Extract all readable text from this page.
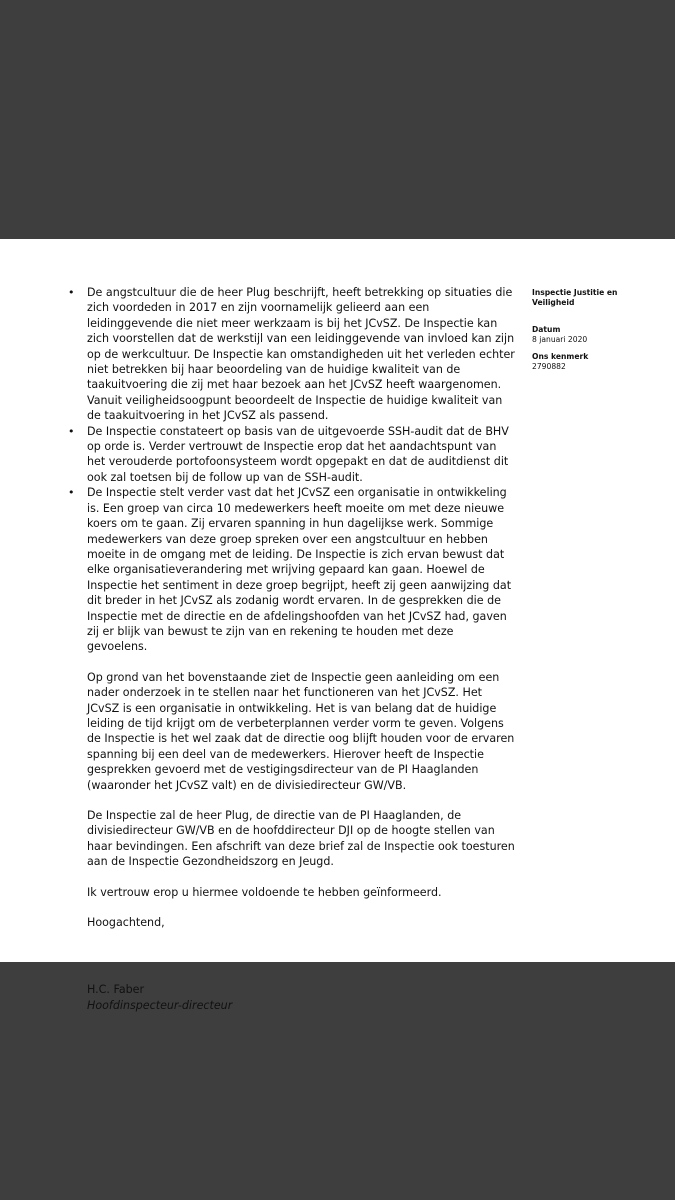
• De angstcultuur die de heer Plug beschrijft, heeft betrekking op situaties die zich voordeden in 2017 en zijn voornamelijk gelieerd aan een leidinggevende die niet meer werkzaam is bij het JCvSZ. De Inspectie kan zich voorstellen dat de werkstijl van een leidinggevende van invloed kan zijn op de werkcultuur. De Inspectie kan omstandigheden uit het verleden echter niet betrekken bij haar beoordeling van de huidige kwaliteit van de taakuitvoering die zij met haar bezoek aan het JCvSZ heeft waargenomen. Vanuit veiligheidsoogpunt beoordeelt de Inspectie de huidige kwaliteit van de taakuitvoering in het JCvSZ als passend.
• De Inspectie constateert op basis van de uitgevoerde SSH-audit dat de BHV op orde is. Verder vertrouwt de Inspectie erop dat het aandachtspunt van het verouderde portofoonsysteem wordt opgepakt en dat de auditdienst dit ook zal toetsen bij de follow up van de SSH-audit.
• De Inspectie stelt verder vast dat het JCvSZ een organisatie in ontwikkeling is. Een groep van circa 10 medewerkers heeft moeite om met deze nieuwe koers om te gaan. Zij ervaren spanning in hun dagelijkse werk. Sommige medewerkers van deze groep spreken over een angstcultuur en hebben moeite in de omgang met de leiding. De Inspectie is zich ervan bewust dat elke organisatieverandering met wrijving gepaard kan gaan. Hoewel de Inspectie het sentiment in deze groep begrijpt, heeft zij geen aanwijzing dat dit breder in het JCvSZ als zodanig wordt ervaren. In de gesprekken die de Inspectie met de directie en de afdelingshoofden van het JCvSZ had, gaven zij er blijk van bewust te zijn van en rekening te houden met deze gevoelens.

Op grond van het bovenstaande ziet de Inspectie geen aanleiding om een nader onderzoek in te stellen naar het functioneren van het JCvSZ. Het JCvSZ is een organisatie in ontwikkeling. Het is van belang dat de huidige leiding de tijd krijgt om de verbeterplannen verder vorm te geven. Volgens de Inspectie is het wel zaak dat de directie oog blijft houden voor de ervaren spanning bij een deel van de medewerkers. Hierover heeft de Inspectie gesprekken gevoerd met de vestigingsdirecteur van de PI Haaglanden (waaronder het JCvSZ valt) en de divisiedirecteur GW/VB.

De Inspectie zal de heer Plug, de directie van de PI Haaglanden, de divisiedirecteur GW/VB en de hoofddirecteur DJI op de hoogte stellen van haar bevindingen. Een afschrift van deze brief zal de Inspectie ook toesturen aan de Inspectie Gezondheidszorg en Jeugd.

Ik vertrouw erop u hiermee voldoende te hebben geïnformeerd.

Hoogachtend,

H.C. Faber

Hoofdinspecteur-directeur

Inspectie Justitie en Veiligheid
Datum
8 januari 2020
Ons kenmerk
2790882
